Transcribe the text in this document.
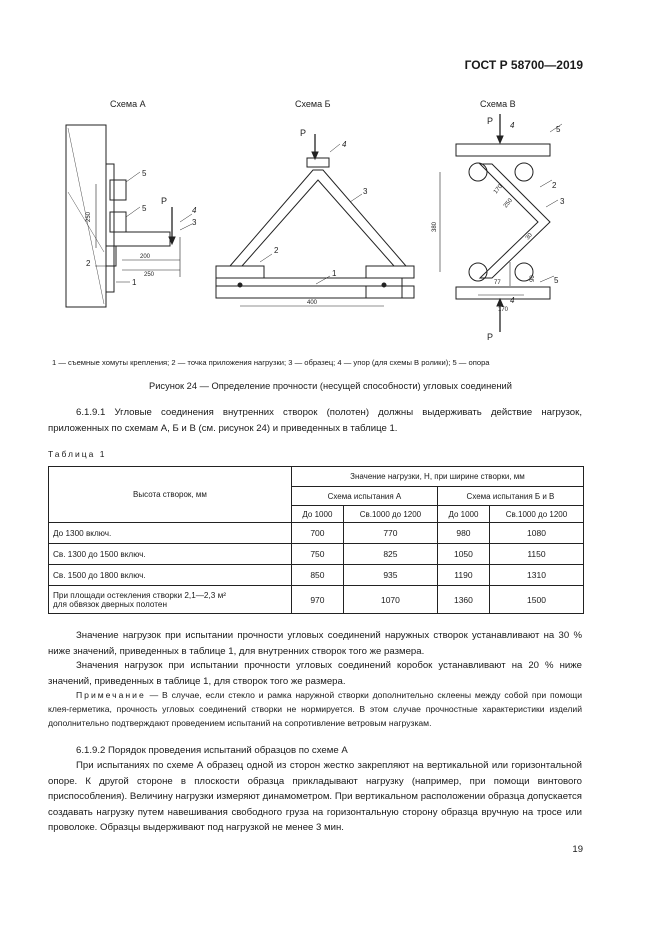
ГОСТ Р 58700—2019
Схема А
5
5	4
3
2
1
P
250
200
250
Схема Б
P
4
3
2
1
400
Схема В
P
P
4	5
2
3
5
4
380
250
170
90
77
30
170
1 — съемные хомуты крепления; 2 — точка приложения нагрузки; 3 — образец; 4 — упор (для схемы В ролики); 5 — опора
Рисунок 24 — Определение прочности (несущей способности) угловых соединений

6.1.9.1 Угловые соединения внутренних створок (полотен) должны выдерживать действие нагрузок, приложенных по схемам А, Б и В (см. рисунок 24) и приведенных в таблице 1.

Таблица 1
Высота створок, мм	Значение нагрузки, Н, при ширине створки, мм			
	Схема испытания А		Схема испытания Б и В	
	До 1000	Св.1000 до 1200	До 1000	Св.1000 до 1200
До 1300 включ.	700	770	980	1080
Св. 1300 до 1500 включ.	750	825	1050	1150
Св. 1500 до 1800 включ.	850	935	1190	1310
При площади остекления створки 2,1—2,3 м²
для обвязок дверных полотен	970	1070	1360	1500

Значение нагрузок при испытании прочности угловых соединений наружных створок устанавливают на 30 % ниже значений, приведенных в таблице 1, для внутренних створок того же размера.

Значения нагрузок при испытании прочности угловых соединений коробок устанавливают на 20 % ниже значений, приведенных в таблице 1, для створок того же размера.

Примечание — В случае, если стекло и рамка наружной створки дополнительно склеены между собой при помощи клея-герметика, прочность угловых соединений створки не нормируется. В этом случае прочностные характеристики изделий дополнительно подтверждают проведением испытаний на сопротивление ветровым нагрузкам.

6.1.9.2 Порядок проведения испытаний образцов по схеме А

При испытаниях по схеме А образец одной из сторон жестко закрепляют на вертикальной или горизонтальной опоре. К другой стороне в плоскости образца прикладывают нагрузку (например, при помощи винтового приспособления). Величину нагрузки измеряют динамометром. При вертикальном расположении образца допускается создавать нагрузку путем навешивания свободного груза на горизонтальную сторону образца вручную на тросе или проволоке. Образцы выдерживают под нагрузкой не менее 3 мин.

19
